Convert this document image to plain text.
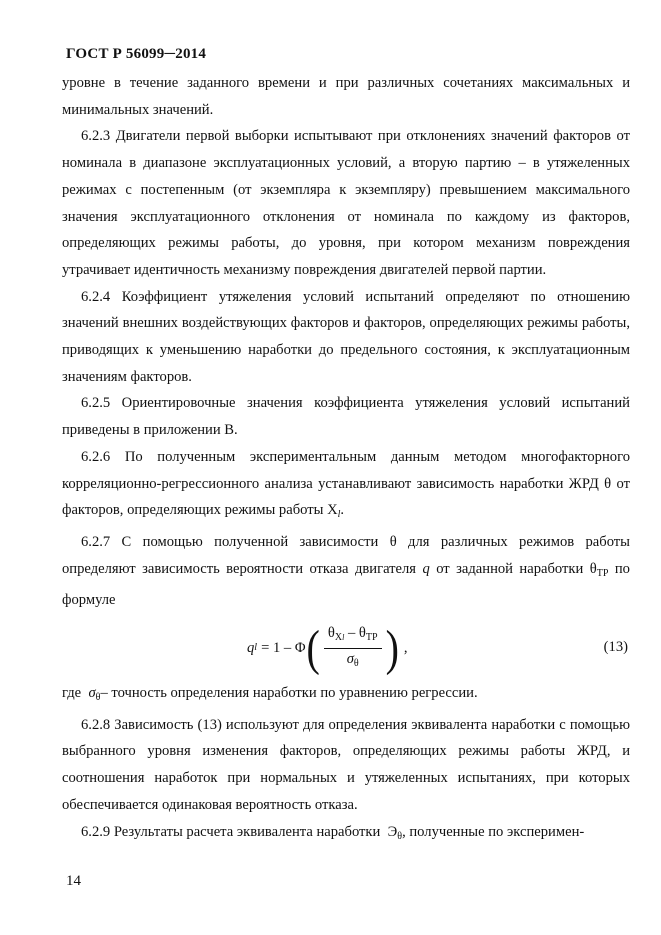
ГОСТ Р 56099─2014

уровне в течение заданного времени и при различных сочетаниях максимальных и минимальных значений.

6.2.3 Двигатели первой выборки испытывают при отклонениях значений факторов от номинала в диапазоне эксплуатационных условий, а вторую партию – в утяжеленных режимах с постепенным (от экземпляра к экземпляру) превышением максимального значения эксплуатационного отклонения от номинала по каждому из факторов, определяющих режимы работы, до уровня, при котором механизм повреждения утрачивает идентичность механизму повреждения двигателей первой партии.

6.2.4 Коэффициент утяжеления условий испытаний определяют по отношению значений внешних воздействующих факторов и факторов, определяющих режимы работы, приводящих к уменьшению наработки до предельного состояния, к эксплуатационным значениям факторов.

6.2.5 Ориентировочные значения коэффициента утяжеления условий испытаний приведены в приложении В.

6.2.6 По полученным экспериментальным данным методом многофакторного корреляционно-регрессионного анализа устанавливают зависимость наработки ЖРД θ от факторов, определяющих режимы работы $X_l$.

6.2.7 С помощью полученной зависимости θ для различных режимов работы определяют зависимость вероятности отказа двигателя q от заданной наработки $\theta_{ТР}$ по формуле

q l = 1 – Φ ( $\frac{\theta_{Xl} - \theta_{ТР}}{\sigma_\theta}$ ) ,	(13)

где $\sigma_\theta-$ точность определения наработки по уравнению регрессии.

6.2.8 Зависимость (13) используют для определения эквивалента наработки с помощью выбранного уровня изменения факторов, определяющих режимы работы ЖРД, и соотношения наработок при нормальных и утяжеленных испытаниях, при которых обеспечивается одинаковая вероятность отказа.

6.2.9 Результаты расчета эквивалента наработки $Э_\theta$, полученные по эксперимен-

14
